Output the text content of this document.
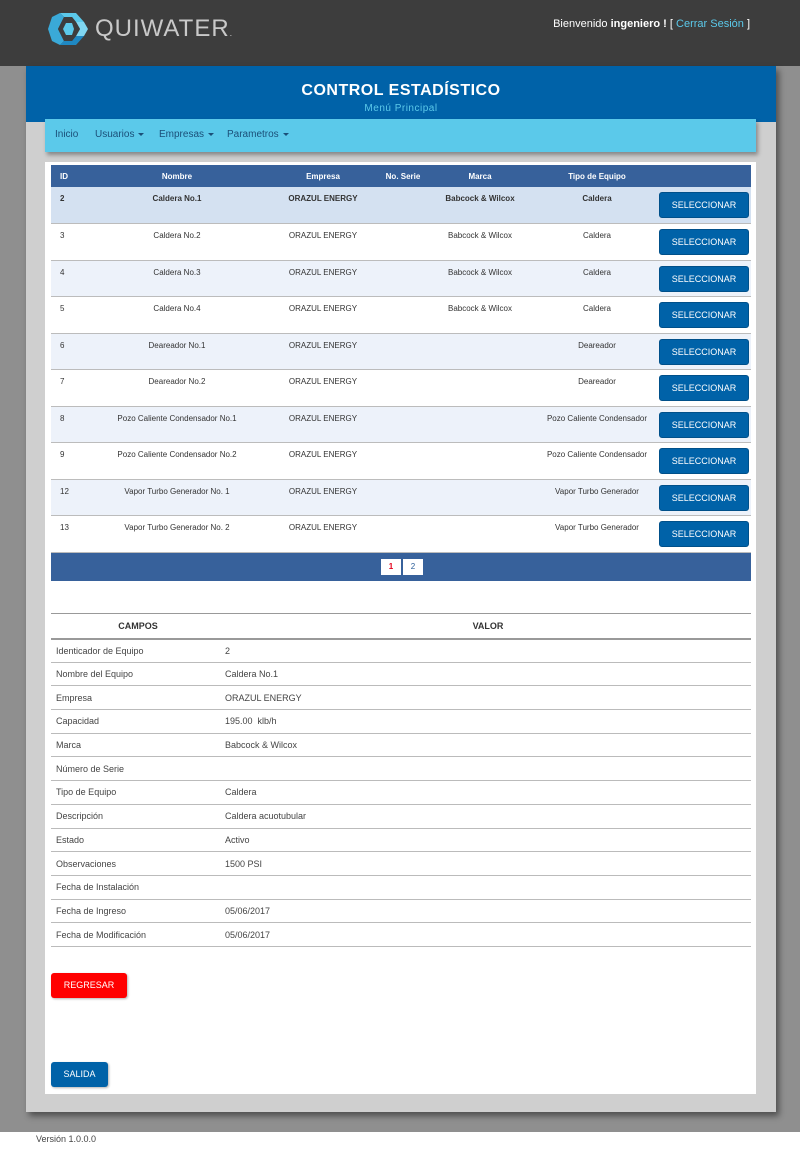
QUIWATER .
Bienvenido ingeniero ! [ Cerrar Sesión ]
CONTROL ESTADÍSTICO
Menú Principal
Inicio Usuarios	Empresas	Parametros
ID	Nombre	Empresa	No. Serie	Marca	Tipo de Equipo	
2	Caldera No.1	ORAZUL ENERGY		Babcock & Wilcox	Caldera	SELECCIONAR
3	Caldera No.2	ORAZUL ENERGY		Babcock & Wilcox	Caldera	SELECCIONAR
4	Caldera No.3	ORAZUL ENERGY		Babcock & Wilcox	Caldera	SELECCIONAR
5	Caldera No.4	ORAZUL ENERGY		Babcock & Wilcox	Caldera	SELECCIONAR
6	Deareador No.1	ORAZUL ENERGY			Deareador	SELECCIONAR
7	Deareador No.2	ORAZUL ENERGY			Deareador	SELECCIONAR
8	Pozo Caliente Condensador No.1	ORAZUL ENERGY			Pozo Caliente Condensador	SELECCIONAR
9	Pozo Caliente Condensador No.2	ORAZUL ENERGY			Pozo Caliente Condensador	SELECCIONAR
12	Vapor Turbo Generador No. 1	ORAZUL ENERGY			Vapor Turbo Generador	SELECCIONAR
13	Vapor Turbo Generador No. 2	ORAZUL ENERGY			Vapor Turbo Generador	SELECCIONAR
1	2
CAMPOS	VALOR
Identicador de Equipo	2
Nombre del Equipo	Caldera No.1
Empresa	ORAZUL ENERGY
Capacidad	195.00  klb/h
Marca	Babcock & Wilcox
Número de Serie	
Tipo de Equipo	Caldera
Descripción	Caldera acuotubular
Estado	Activo
Observaciones	1500 PSI
Fecha de Instalación	
Fecha de Ingreso	05/06/2017
Fecha de Modificación	05/06/2017
REGRESAR
SALIDA
Versión 1.0.0.0
